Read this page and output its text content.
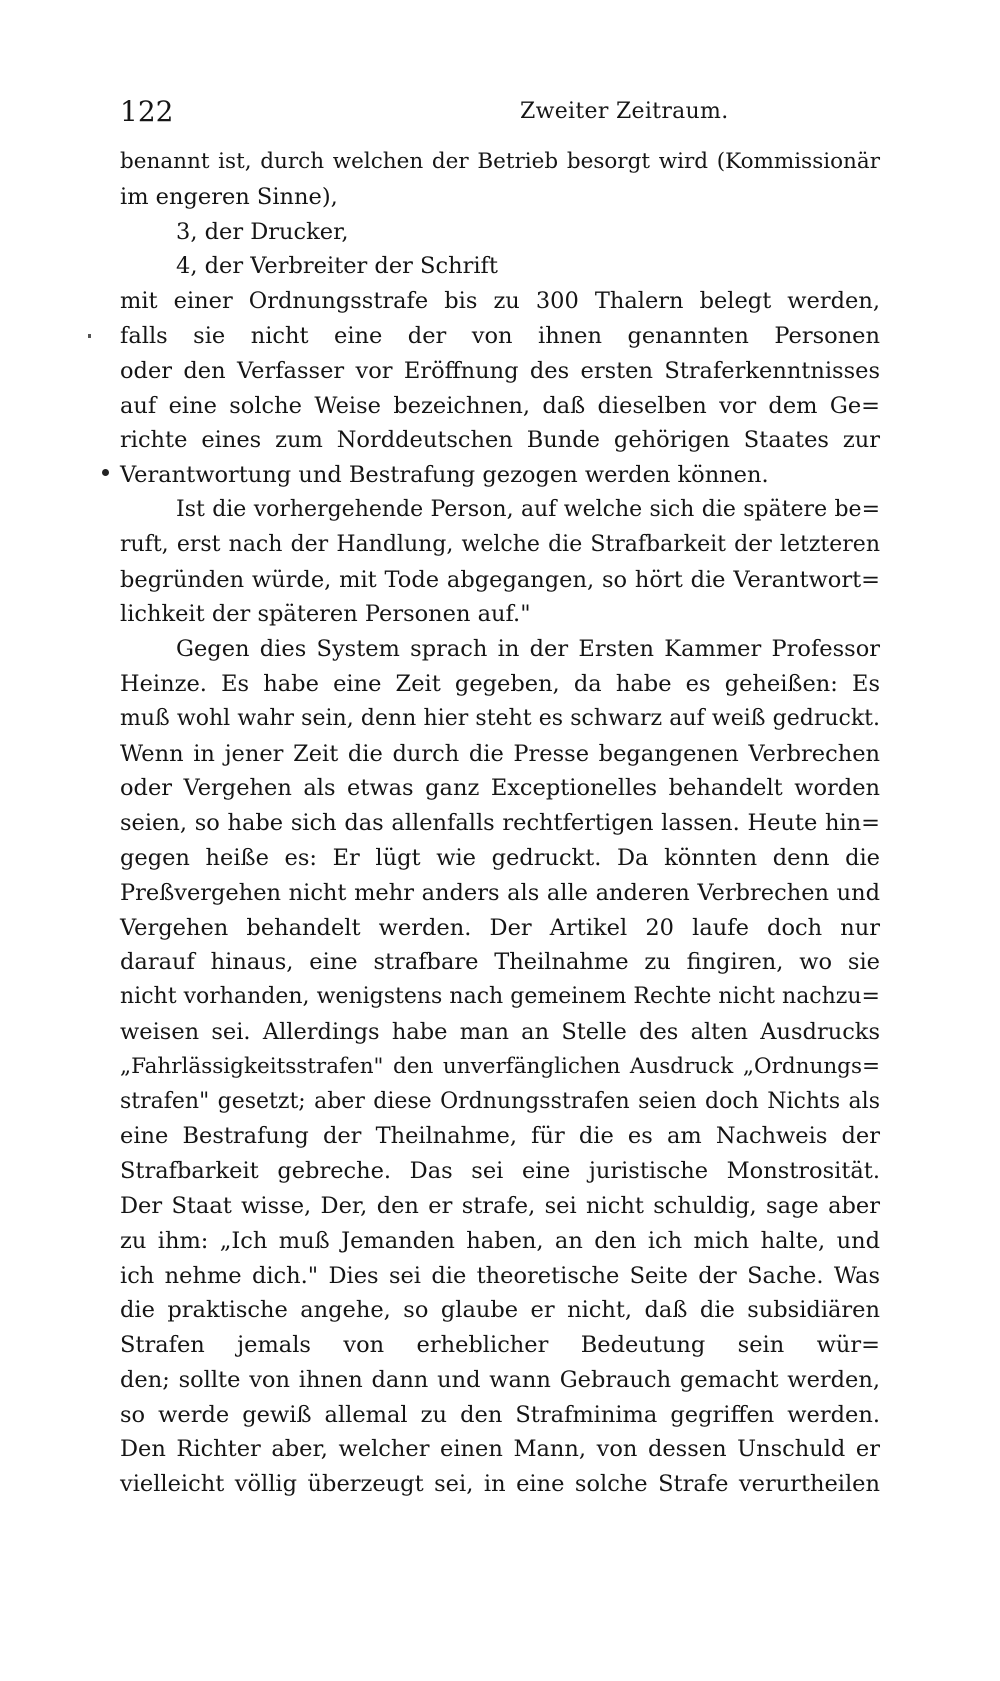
122	Zweiter Zeitraum.
benannt ist, durch welchen der Betrieb besorgt wird (Kommissionär
im engeren Sinne),
3, der Drucker,
4, der Verbreiter der Schrift
mit einer Ordnungsstrafe bis zu 300 Thalern belegt werden,
falls sie nicht eine der von ihnen genannten Personen
oder den Verfasser vor Eröffnung des ersten Straferkenntnisses
auf eine solche Weise bezeichnen, daß dieselben vor dem Ge=
richte eines zum Norddeutschen Bunde gehörigen Staates zur
Verantwortung und Bestrafung gezogen werden können.
Ist die vorhergehende Person, auf welche sich die spätere be=
ruft, erst nach der Handlung, welche die Strafbarkeit der letzteren
begründen würde, mit Tode abgegangen, so hört die Verantwort=
lichkeit der späteren Personen auf."
Gegen dies System sprach in der Ersten Kammer Professor
Heinze. Es habe eine Zeit gegeben, da habe es geheißen: Es
muß wohl wahr sein, denn hier steht es schwarz auf weiß gedruckt.
Wenn in jener Zeit die durch die Presse begangenen Verbrechen
oder Vergehen als etwas ganz Exceptionelles behandelt worden
seien, so habe sich das allenfalls rechtfertigen lassen. Heute hin=
gegen heiße es: Er lügt wie gedruckt. Da könnten denn die
Preßvergehen nicht mehr anders als alle anderen Verbrechen und
Vergehen behandelt werden. Der Artikel 20 laufe doch nur
darauf hinaus, eine strafbare Theilnahme zu fingiren, wo sie
nicht vorhanden, wenigstens nach gemeinem Rechte nicht nachzu=
weisen sei. Allerdings habe man an Stelle des alten Ausdrucks
„Fahrlässigkeitsstrafen" den unverfänglichen Ausdruck „Ordnungs=
strafen" gesetzt; aber diese Ordnungsstrafen seien doch Nichts als
eine Bestrafung der Theilnahme, für die es am Nachweis der
Strafbarkeit gebreche. Das sei eine juristische Monstrosität.
Der Staat wisse, Der, den er strafe, sei nicht schuldig, sage aber
zu ihm: „Ich muß Jemanden haben, an den ich mich halte, und
ich nehme dich." Dies sei die theoretische Seite der Sache. Was
die praktische angehe, so glaube er nicht, daß die subsidiären
Strafen jemals von erheblicher Bedeutung sein wür=
den; sollte von ihnen dann und wann Gebrauch gemacht werden,
so werde gewiß allemal zu den Strafminima gegriffen werden.
Den Richter aber, welcher einen Mann, von dessen Unschuld er
vielleicht völlig überzeugt sei, in eine solche Strafe verurtheilen
